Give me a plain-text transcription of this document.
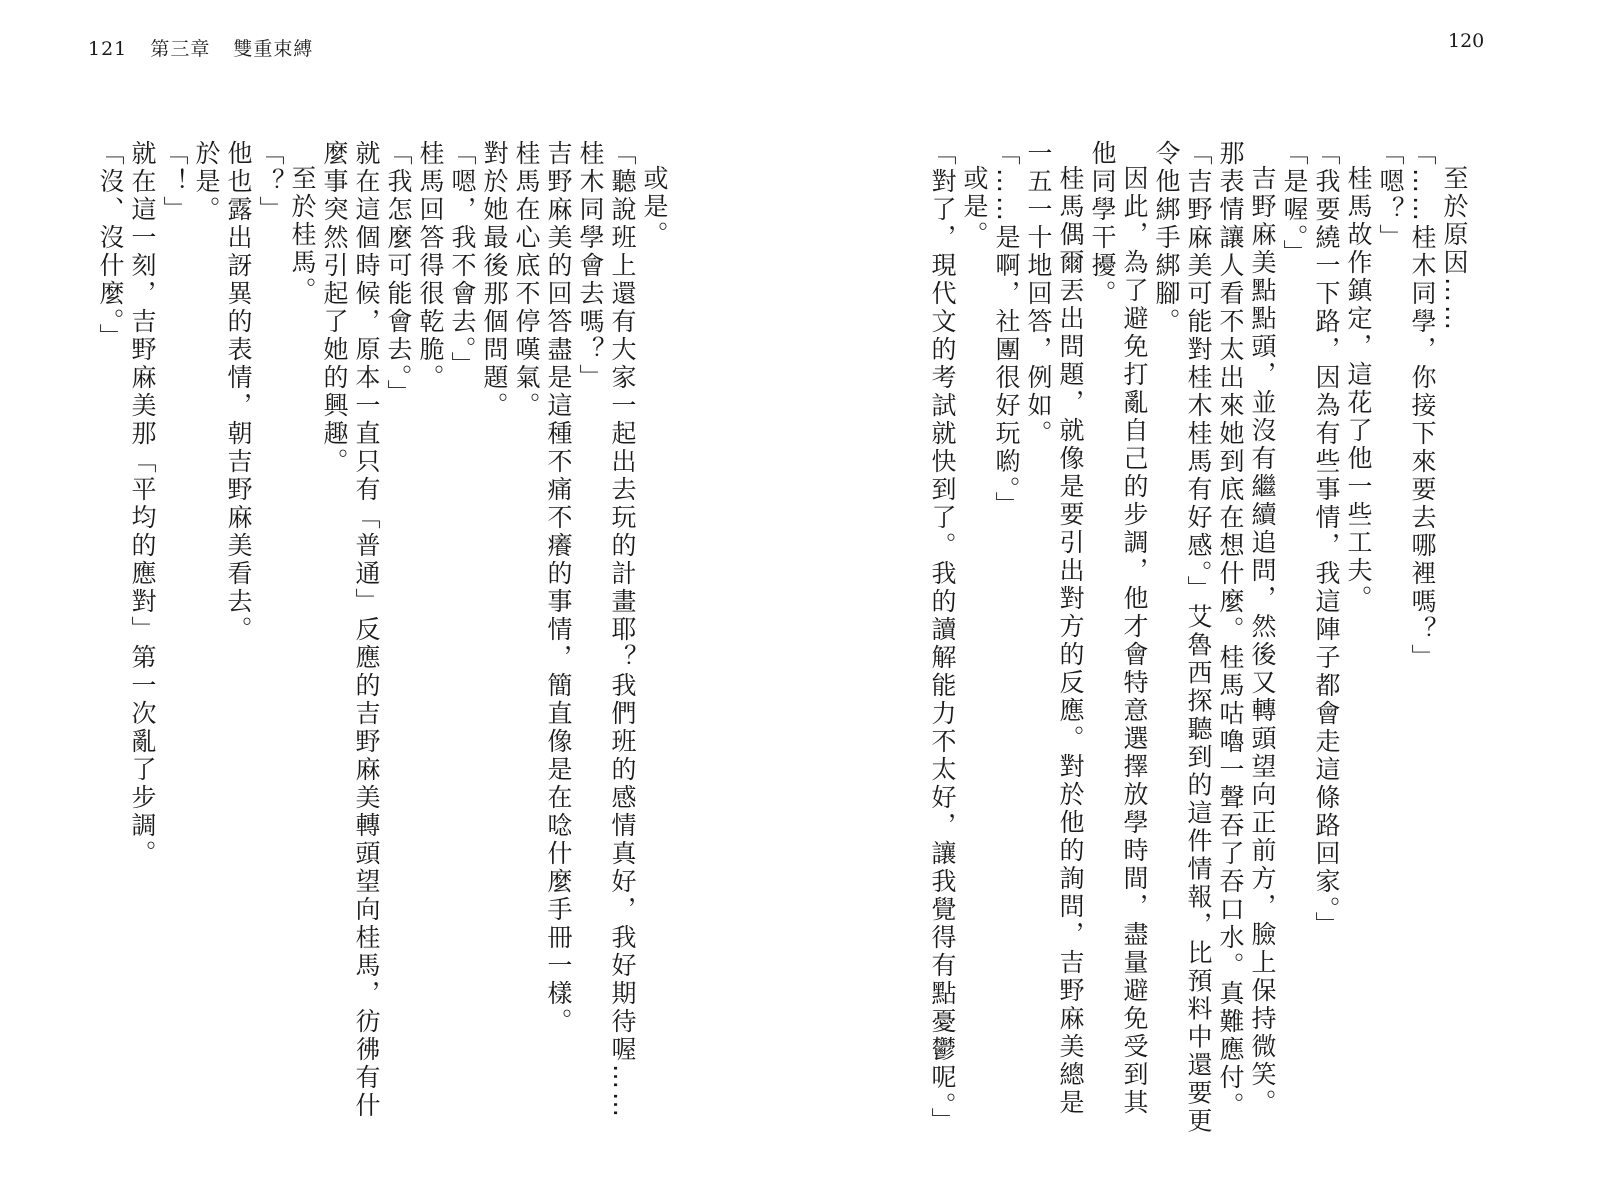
121 第三章 雙重束縛	120

至於原因……

「……桂木同學，你接下來要去哪裡嗎？」

「嗯？」

桂馬故作鎮定，這花了他一些工夫。

「我要繞一下路，因為有些事情，我這陣子都會走這條路回家。」

「是喔。」

吉野麻美點點頭，並沒有繼續追問，然後又轉頭望向正前方，臉上保持微笑。那表情讓人看不太出來她到底在想什麼。桂馬咕嚕一聲吞了吞口水。真難應付。

「吉野麻美可能對桂木桂馬有好感。」艾魯西探聽到的這件情報，比預料中還要更令他綁手綁腳。

因此，為了避免打亂自己的步調，他才會特意選擇放學時間，盡量避免受到其他同學干擾。

桂馬偶爾丟出問題，就像是要引出對方的反應。對於他的詢問，吉野麻美總是一五一十地回答，例如。

「……是啊，社團很好玩喲。」

或是。

「對了，現代文的考試就快到了。我的讀解能力不太好，讓我覺得有點憂鬱呢。」

或是。

「聽說班上還有大家一起出去玩的計畫耶？我們班的感情真好，我好期待喔……桂木同學會去嗎？」

吉野麻美的回答盡是這種不痛不癢的事情，簡直像是在唸什麼手冊一樣。

桂馬在心底不停嘆氣。

對於她最後那個問題。

「嗯，我不會去。」

桂馬回答得很乾脆。

「我怎麼可能會去。」

就在這個時候，原本一直只有「普通」反應的吉野麻美轉頭望向桂馬，彷彿有什麼事突然引起了她的興趣。

至於桂馬。

「？」

他也露出訝異的表情，朝吉野麻美看去。

於是。

「！」

就在這一刻，吉野麻美那「平均的應對」第一次亂了步調。

「沒、沒什麼。」
